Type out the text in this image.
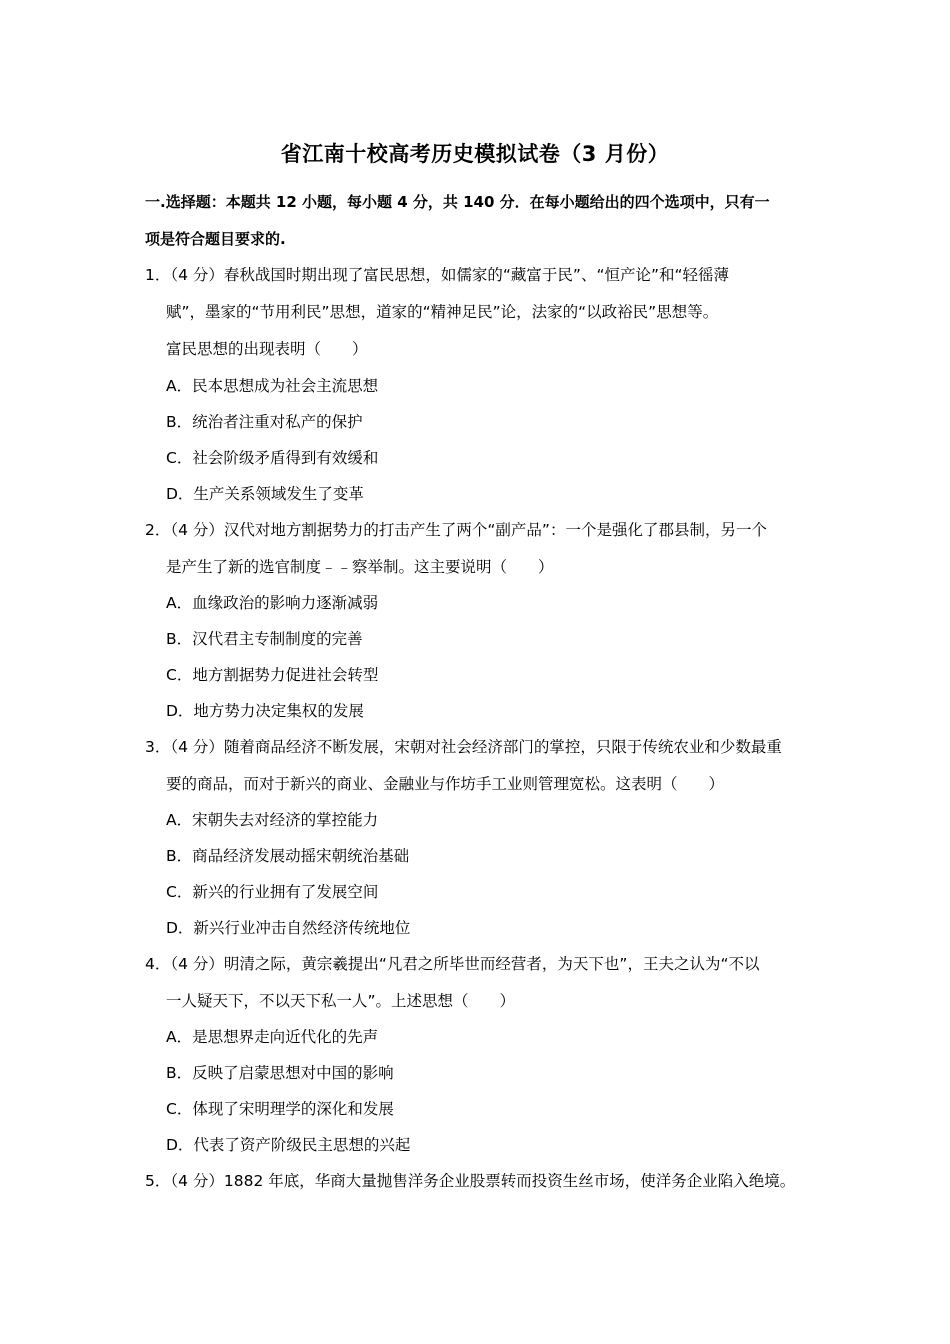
省江南十校高考历史模拟试卷（3 月份）
一.选择题：本题共 12 小题，每小题 4 分，共 140 分．在每小题给出的四个选项中，只有一
项是符合题目要求的.
1．（4 分）春秋战国时期出现了富民思想，如儒家的“藏富于民”、“恒产论”和“轻徭薄
赋”，墨家的“节用利民”思想，道家的“精神足民”论，法家的“以政裕民”思想等。
富民思想的出现表明（　　）
A．民本思想成为社会主流思想
B．统治者注重对私产的保护
C．社会阶级矛盾得到有效缓和
D．生产关系领域发生了变革
2．（4 分）汉代对地方割据势力的打击产生了两个“副产品”：一个是强化了郡县制，另一个
是产生了新的选官制度﹣﹣察举制。这主要说明（　　）
A．血缘政治的影响力逐渐减弱
B．汉代君主专制制度的完善
C．地方割据势力促进社会转型
D．地方势力决定集权的发展
3．（4 分）随着商品经济不断发展，宋朝对社会经济部门的掌控，只限于传统农业和少数最重
要的商品，而对于新兴的商业、金融业与作坊手工业则管理宽松。这表明（　　）
A．宋朝失去对经济的掌控能力
B．商品经济发展动摇宋朝统治基础
C．新兴的行业拥有了发展空间
D．新兴行业冲击自然经济传统地位
4．（4 分）明清之际，黄宗羲提出“凡君之所毕世而经营者，为天下也”，王夫之认为“不以
一人疑天下，不以天下私一人”。上述思想（　　）
A．是思想界走向近代化的先声
B．反映了启蒙思想对中国的影响
C．体现了宋明理学的深化和发展
D．代表了资产阶级民主思想的兴起
5．（4 分）1882 年底，华商大量抛售洋务企业股票转而投资生丝市场，使洋务企业陷入绝境。
